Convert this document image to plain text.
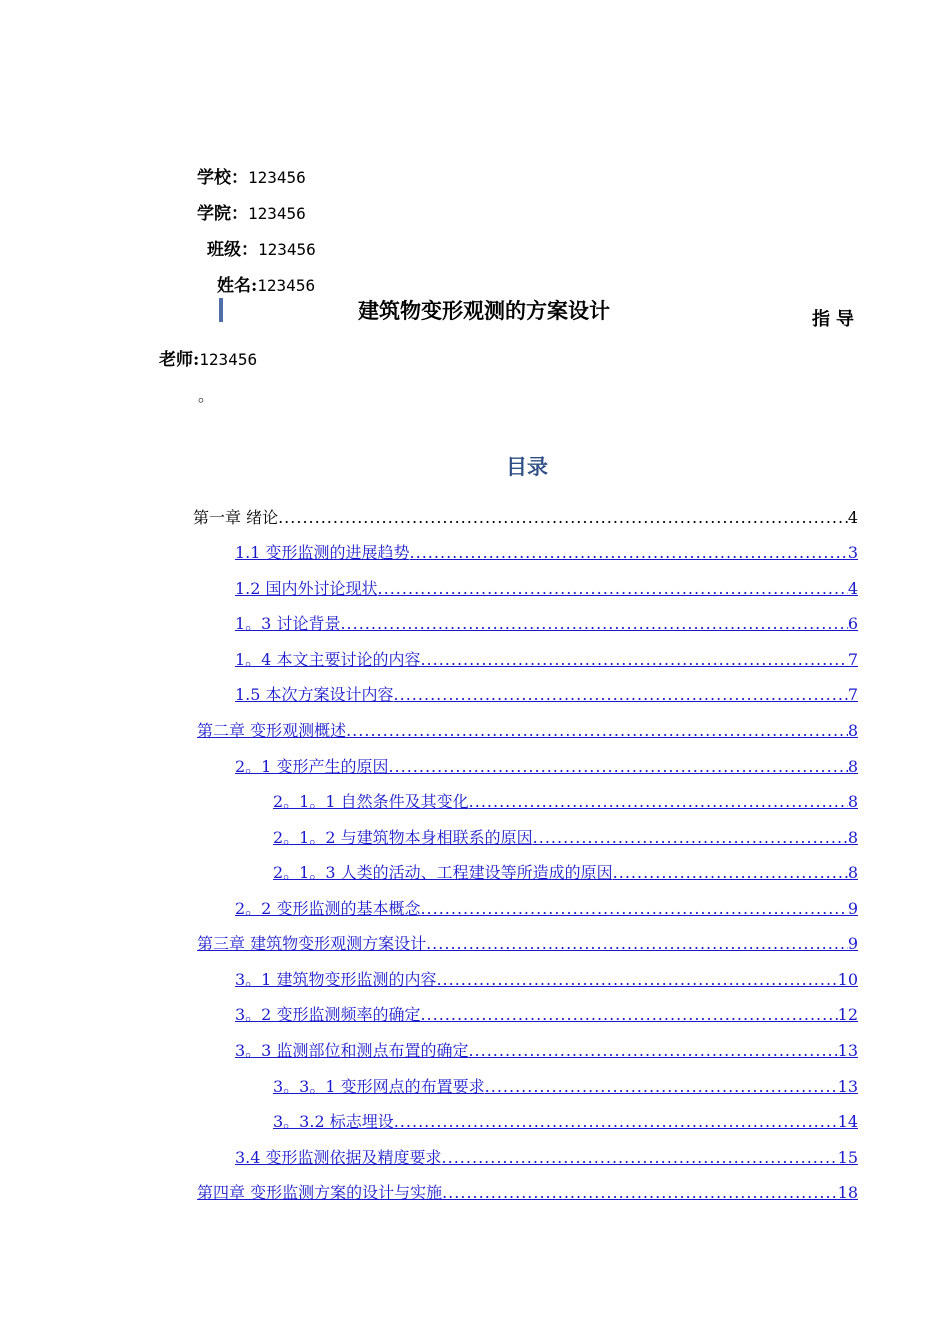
学校：123456
学院：123456
班级：123456
姓名:123456
建筑物变形观测的方案设计	指导
老师:123456
。
目录
第一章 绪论 .....	4
1.1 变形监测的进展趋势 .....	3
1.2 国内外讨论现状 .....	4
1。3 讨论背景 .....	6
1。4 本文主要讨论的内容 .....	7
1.5 本次方案设计内容 .....	7
第二章 变形观测概述 .....	8
2。1 变形产生的原因 .....	8
2。1。1 自然条件及其变化 .....	8
2。1。2 与建筑物本身相联系的原因 .....	8
2。1。3 人类的活动、工程建设等所造成的原因 .....	8
2。2 变形监测的基本概念 .....	9
第三章 建筑物变形观测方案设计 .....	9
3。1 建筑物变形监测的内容 .....	10
3。2 变形监测频率的确定 .....	12
3。3 监测部位和测点布置的确定 .....	13
3。3。1 变形网点的布置要求 .....	13
3。3.2 标志埋设 .....	14
3.4 变形监测依据及精度要求 .....	15
第四章 变形监测方案的设计与实施 .....	18
